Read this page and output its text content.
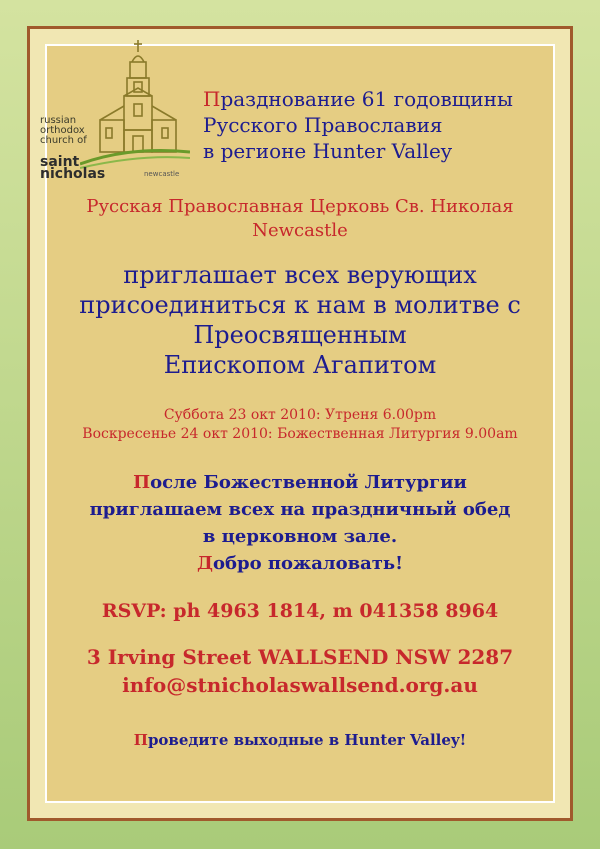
russian
orthodox
church of
saint
nicholas	newcastle
Празднование 61 годовщины
Русского Православия
в регионе Hunter Valley
Русская Православная Церковь Св. Николая
Newcastle
приглашает всех верующих
присоединиться к нам в молитве с
Преосвященным
Епископом Агапитом
Суббота 23 окт 2010: Утреня 6.00pm
Воскресенье 24 окт 2010: Божественная Литургия 9.00am
После Божественной Литургии
приглашаем всех на праздничный обед
в церковном зале.
Добро пожаловать!
RSVP: ph 4963 1814, m 041358 8964
3 Irving Street WALLSEND NSW 2287
info@stnicholaswallsend.org.au
Проведите выходные в Hunter Valley!
